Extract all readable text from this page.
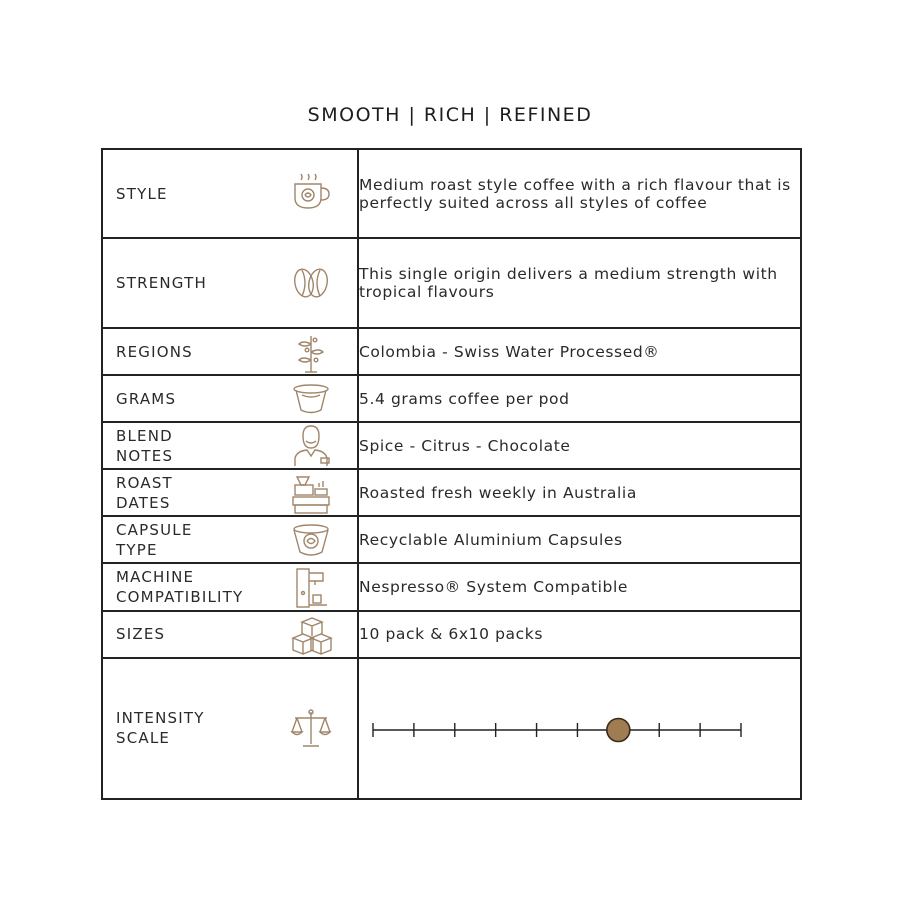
SMOOTH | RICH | REFINED
STYLE	Medium roast style coffee with a rich flavour that is perfectly suited across all styles of coffee

STRENGTH	This single origin delivers a medium strength with tropical flavours

REGIONS	Colombia - Swiss Water Processed®

GRAMS	5.4 grams coffee per pod

BLEND
NOTES	Spice - Citrus - Chocolate

ROAST
DATES	Roasted fresh weekly in Australia

CAPSULE
TYPE	Recyclable Aluminium Capsules

MACHINE
COMPATIBILITY	Nespresso® System Compatible

SIZES	10 pack & 6x10 packs

INTENSITY
SCALE
